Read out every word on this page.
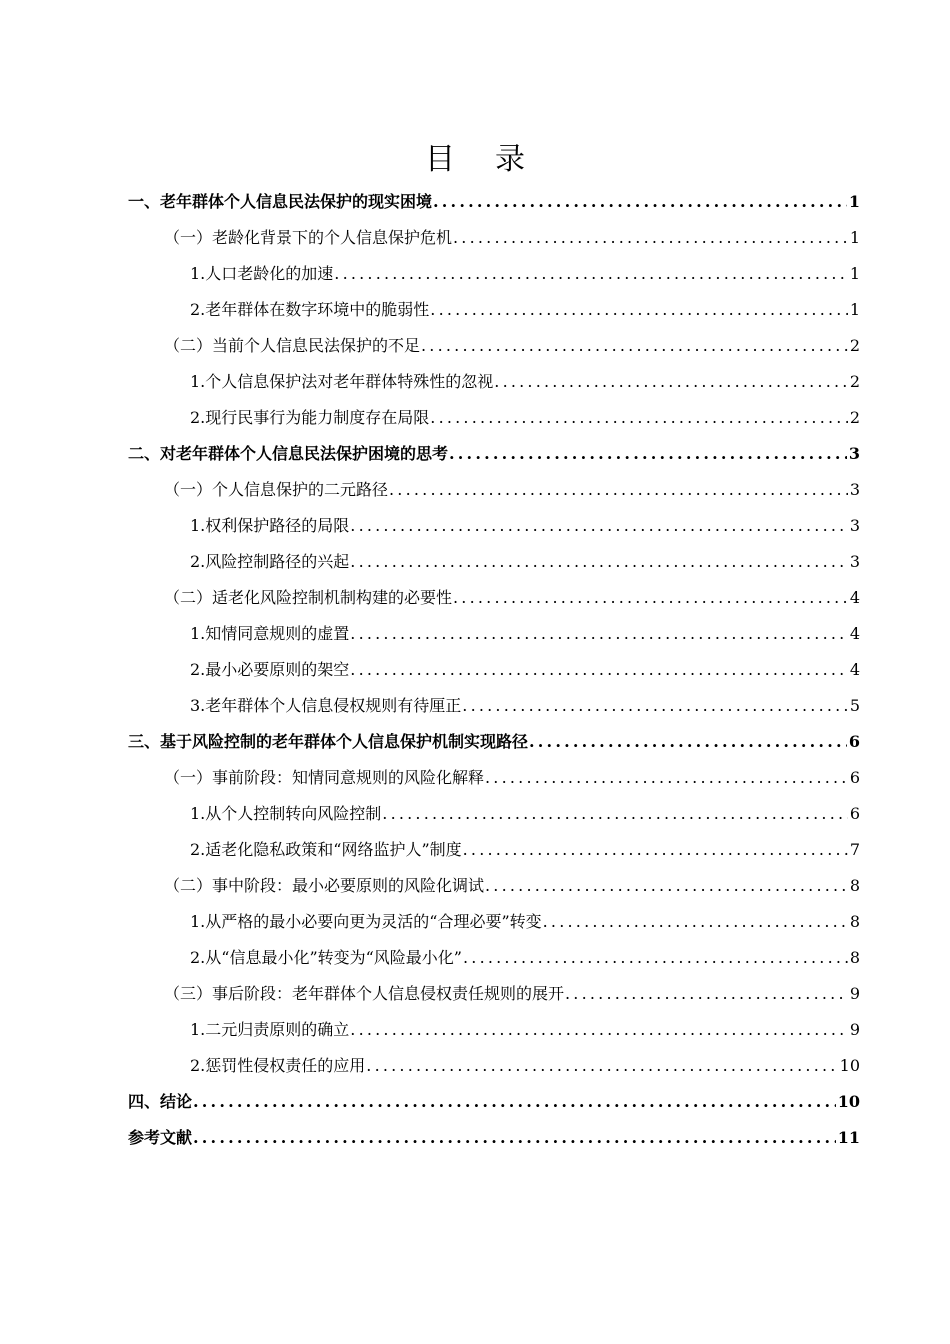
目录
一、老年群体个人信息民法保护的现实困境 .....	1
（一）老龄化背景下的个人信息保护危机 .....	1
1.人口老龄化的加速 .....	1
2.老年群体在数字环境中的脆弱性 .....	1
（二）当前个人信息民法保护的不足 .....	2
1.个人信息保护法对老年群体特殊性的忽视 .....	2
2.现行民事行为能力制度存在局限 .....	2
二、对老年群体个人信息民法保护困境的思考 .....	3
（一）个人信息保护的二元路径 .....	3
1.权利保护路径的局限 .....	3
2.风险控制路径的兴起 .....	3
（二）适老化风险控制机制构建的必要性 .....	4
1.知情同意规则的虚置 .....	4
2.最小必要原则的架空 .....	4
3.老年群体个人信息侵权规则有待厘正 .....	5
三、基于风险控制的老年群体个人信息保护机制实现路径 .....	6
（一）事前阶段：知情同意规则的风险化解释 .....	6
1.从个人控制转向风险控制 .....	6
2.适老化隐私政策和“网络监护人”制度 .....	7
（二）事中阶段：最小必要原则的风险化调试 .....	8
1.从严格的最小必要向更为灵活的“合理必要”转变 .....	8
2.从“信息最小化”转变为“风险最小化” .....	8
（三）事后阶段：老年群体个人信息侵权责任规则的展开 .....	9
1.二元归责原则的确立 .....	9
2.惩罚性侵权责任的应用 .....	10
四、结论 .....	10
参考文献 .....	11
